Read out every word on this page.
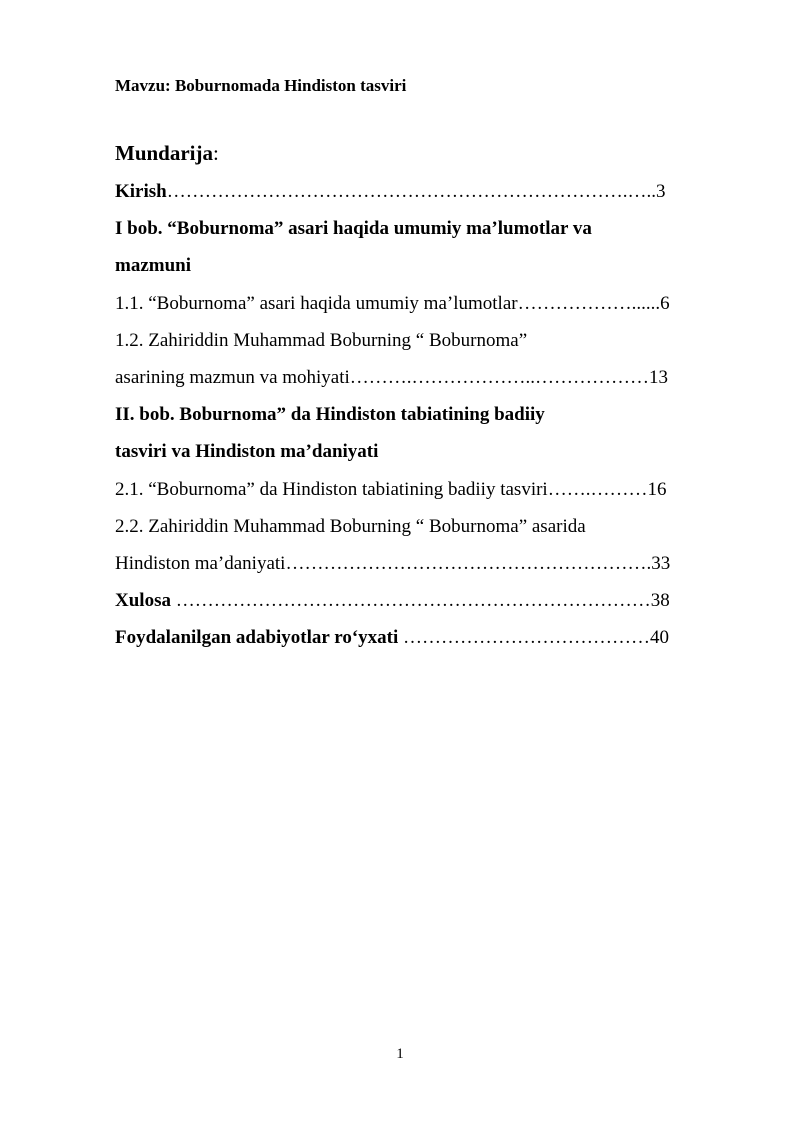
Mavzu: Boburnomada Hindiston tasviri
Mundarija:
Kirish……………………………………………………………….…..3
I bob. “Boburnoma” asari haqida umumiy ma’lumotlar va
mazmuni
1.1. “Boburnoma” asari haqida umumiy ma’lumotlar………………......6
1.2. Zahiriddin Muhammad Boburning “ Boburnoma”
asarining mazmun va mohiyati……….………………..………………13
II. bob. Boburnoma” da Hindiston tabiatining badiiy
tasviri va Hindiston ma’daniyati
2.1. “Boburnoma” da Hindiston tabiatining badiiy tasviri…….………16
2.2. Zahiriddin Muhammad Boburning “ Boburnoma” asarida
Hindiston ma’daniyati………………………………………………….33
Xulosa …………………………………………………………………38
Foydalanilgan adabiyotlar ro‘yxati …………………………………40
1
